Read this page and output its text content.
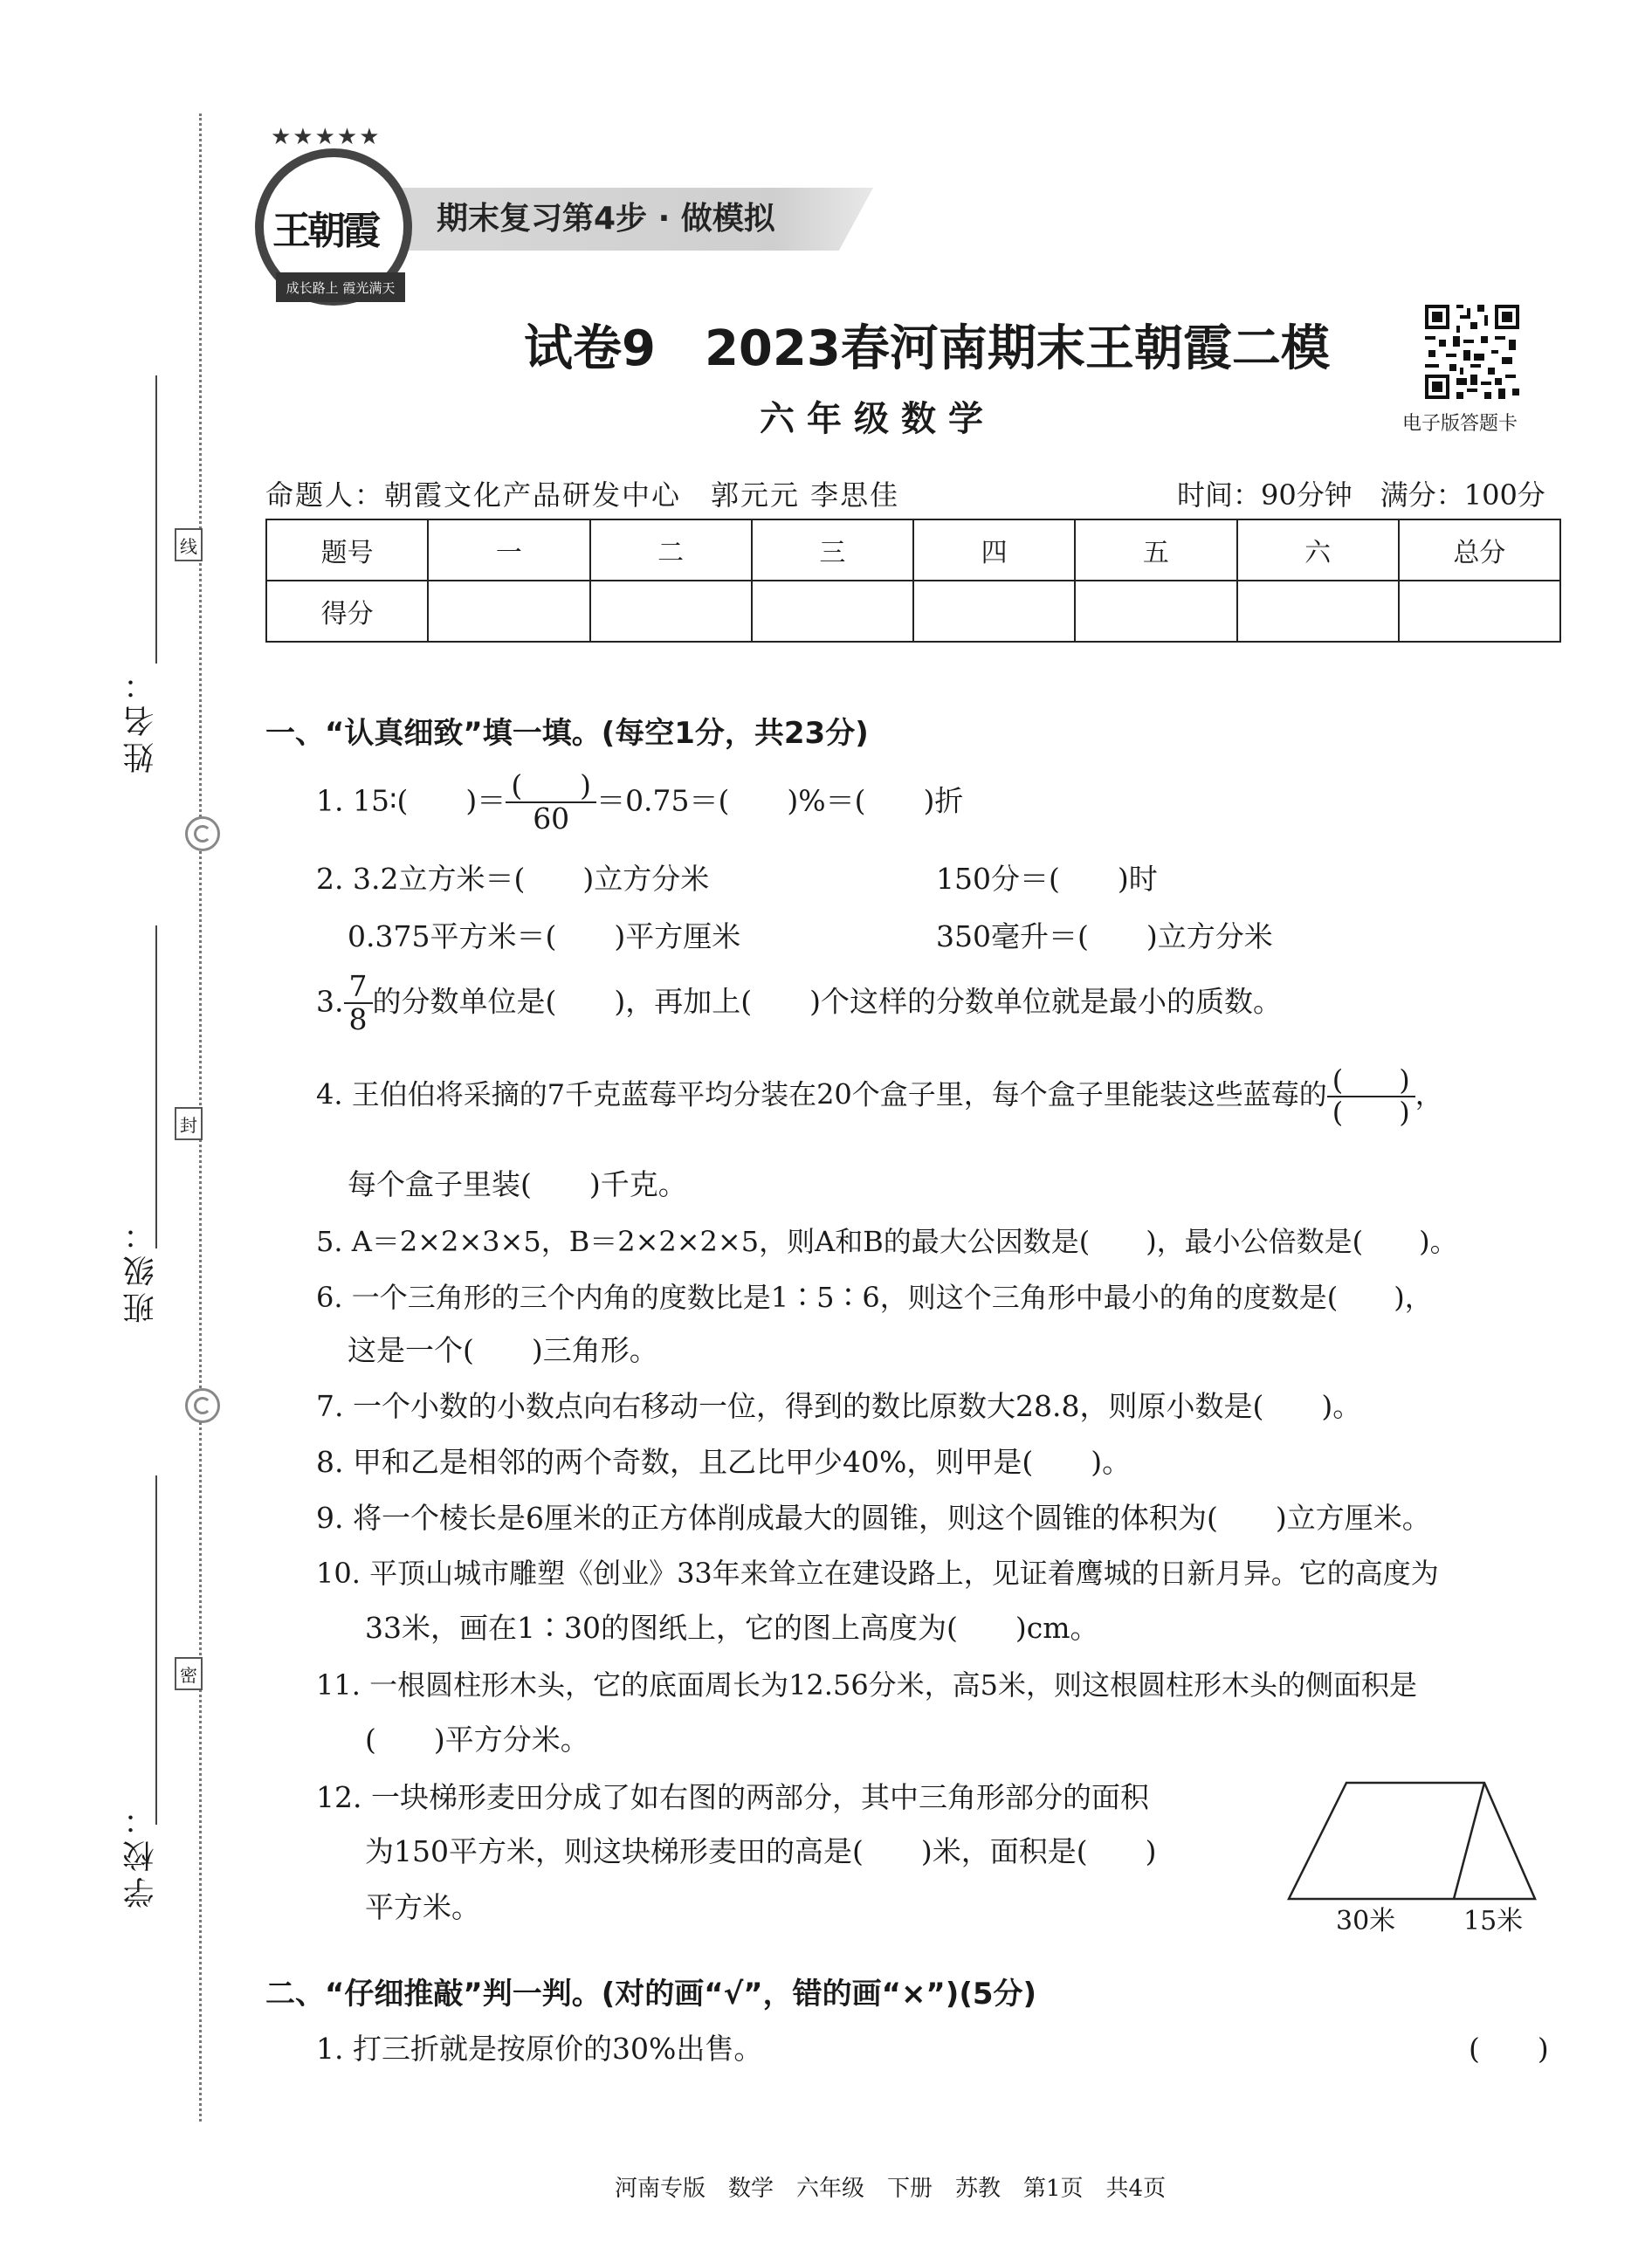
姓名：
班级：
学校：
线
封
密
期末复习第4步 · 做模拟
★★★★★
王朝霞
成长路上 霞光满天
试卷9　2023春河南期末王朝霞二模
六年级数学	电子版答题卡
命题人：朝霞文化产品研发中心　郭元元 李思佳	时间：90分钟　满分：100分
题号	一	二	三	四	五	六	总分
得分							
一、“认真细致”填一填。(每空1分，共23分)
1. 15∶(　　)＝ $\frac{( )}{60} =0.75=$(　　)%＝(　　)折
2. 3.2立方米＝(　　)立方分米	150分＝(　　)时
0.375平方米＝(　　)平方厘米	350毫升＝(　　)立方分米
3. $\frac{7}{8}$ 的分数单位是(　　)，再加上(　　)个这样的分数单位就是最小的质数。
4. 王伯伯将采摘的7千克蓝莓平均分装在20个盒子里，每个盒子里能装这些蓝莓的 $\frac{( )}{( )}$ ，
每个盒子里装(　　)千克。
5. A＝2×2×3×5，B＝2×2×2×5，则A和B的最大公因数是(　　)，最小公倍数是(　　)。
6. 一个三角形的三个内角的度数比是1∶5∶6，则这个三角形中最小的角的度数是(　　)，
这是一个(　　)三角形。
7. 一个小数的小数点向右移动一位，得到的数比原数大28.8，则原小数是(　　)。
8. 甲和乙是相邻的两个奇数，且乙比甲少40%，则甲是(　　)。
9. 将一个棱长是6厘米的正方体削成最大的圆锥，则这个圆锥的体积为(　　)立方厘米。
10. 平顶山城市雕塑《创业》33年来耸立在建设路上，见证着鹰城的日新月异。它的高度为
33米，画在1∶30的图纸上，它的图上高度为(　　)cm。
11. 一根圆柱形木头，它的底面周长为12.56分米，高5米，则这根圆柱形木头的侧面积是
(　　)平方分米。
12. 一块梯形麦田分成了如右图的两部分，其中三角形部分的面积
为150平方米，则这块梯形麦田的高是(　　)米，面积是(　　)
平方米。	30米	15米
二、“仔细推敲”判一判。(对的画“√”，错的画“×”)(5分)
1. 打三折就是按原价的30%出售。	(　　)
河南专版　数学　六年级　下册　苏教　第1页　共4页
